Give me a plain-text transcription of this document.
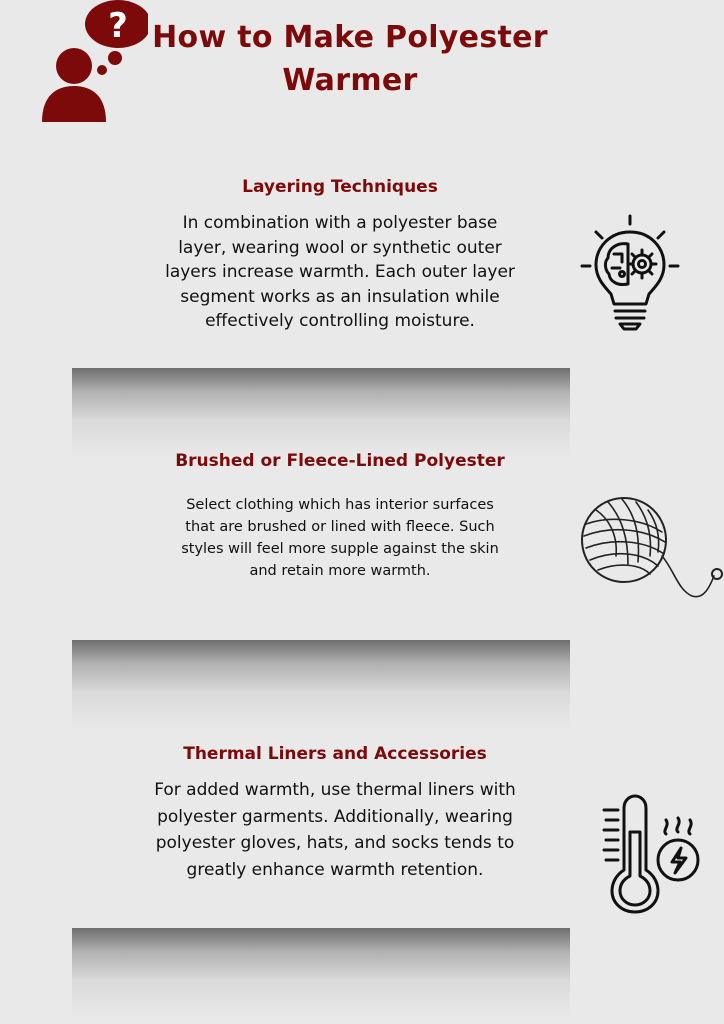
? How to Make Polyester Warmer

Layering Techniques

In combination with a polyester base layer, wearing wool or synthetic outer layers increase warmth. Each outer layer segment works as an insulation while effectively controlling moisture.

Brushed or Fleece-Lined Polyester

Select clothing which has interior surfaces that are brushed or lined with fleece. Such styles will feel more supple against the skin and retain more warmth.

Thermal Liners and Accessories

For added warmth, use thermal liners with polyester garments. Additionally, wearing polyester gloves, hats, and socks tends to greatly enhance warmth retention.
